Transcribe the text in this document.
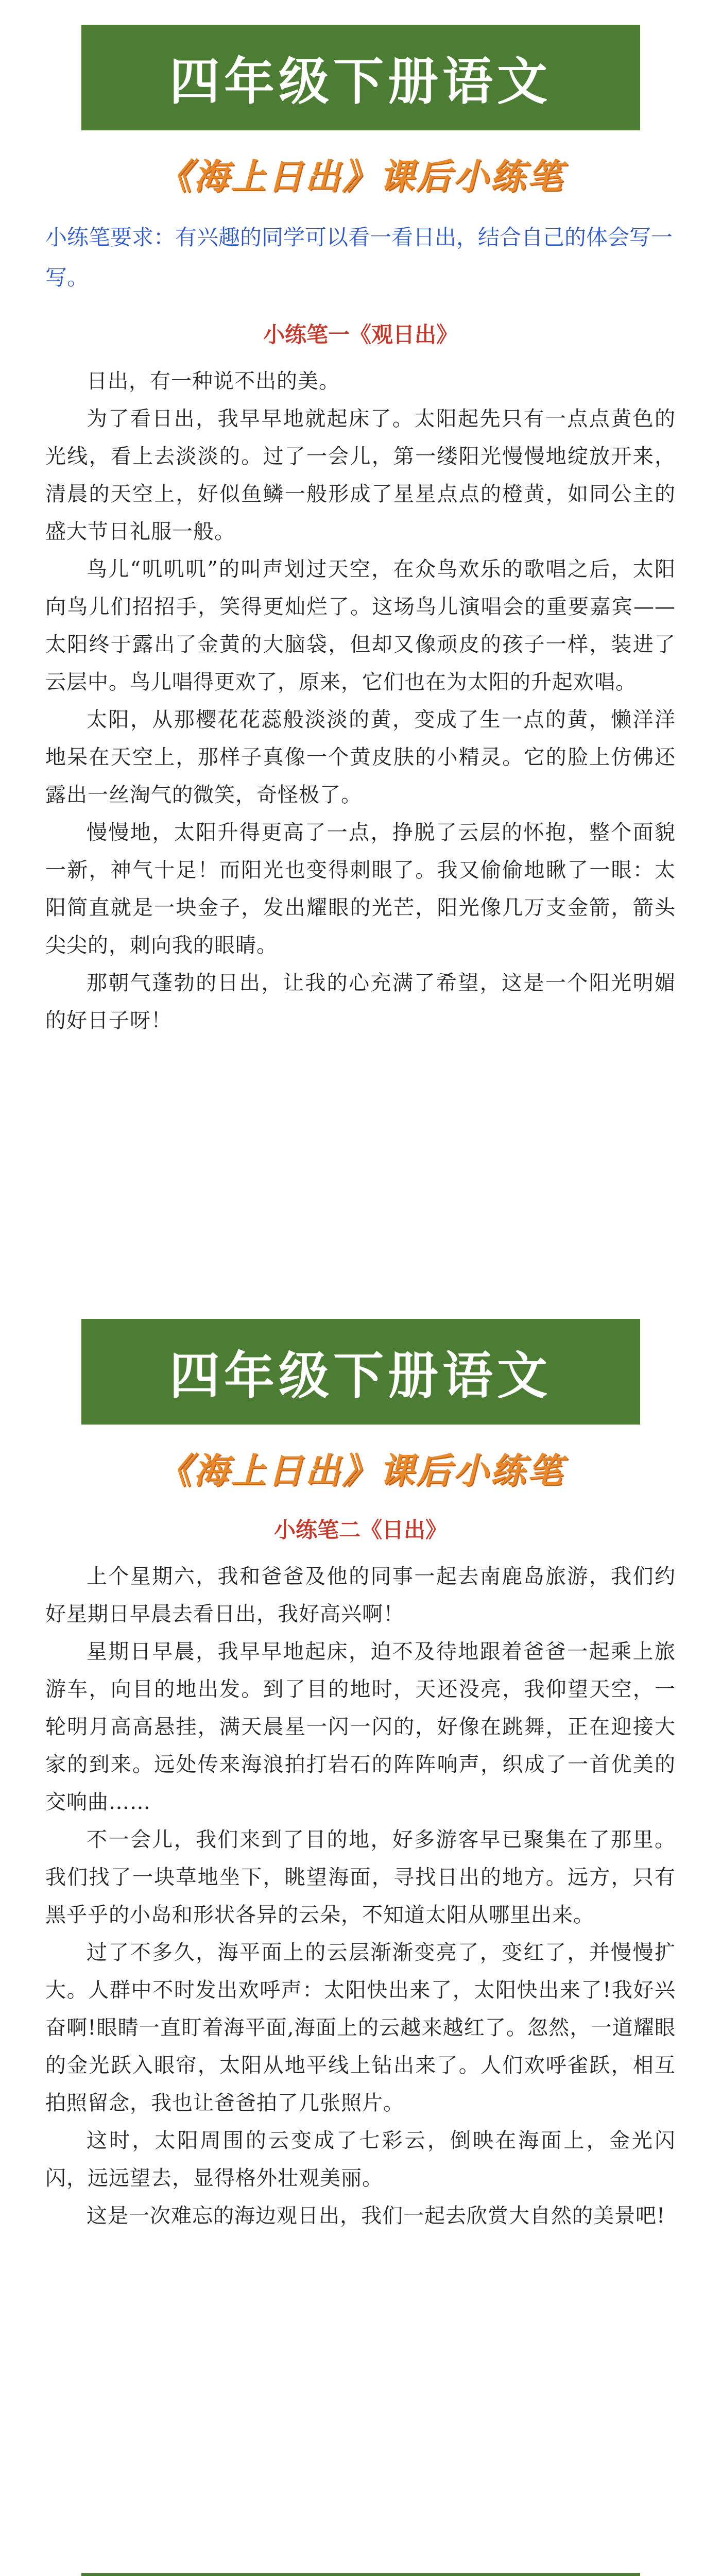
四年级下册语文
《海上日出》课后小练笔
小练笔要求：有兴趣的同学可以看一看日出，结合自己的体会写一写。
小练笔一《观日出》

日出，有一种说不出的美。

为了看日出，我早早地就起床了。太阳起先只有一点点黄色的光线，看上去淡淡的。过了一会儿，第一缕阳光慢慢地绽放开来，清晨的天空上，好似鱼鳞一般形成了星星点点的橙黄，如同公主的盛大节日礼服一般。

鸟儿“叽叽叽”的叫声划过天空，在众鸟欢乐的歌唱之后，太阳向鸟儿们招招手，笑得更灿烂了。这场鸟儿演唱会的重要嘉宾——太阳终于露出了金黄的大脑袋，但却又像顽皮的孩子一样，装进了云层中。鸟儿唱得更欢了，原来，它们也在为太阳的升起欢唱。

太阳，从那樱花花蕊般淡淡的黄，变成了生一点的黄，懒洋洋地呆在天空上，那样子真像一个黄皮肤的小精灵。它的脸上仿佛还露出一丝淘气的微笑，奇怪极了。

慢慢地，太阳升得更高了一点，挣脱了云层的怀抱，整个面貌一新，神气十足！而阳光也变得刺眼了。我又偷偷地瞅了一眼：太阳简直就是一块金子，发出耀眼的光芒，阳光像几万支金箭，箭头尖尖的，刺向我的眼睛。

那朝气蓬勃的日出，让我的心充满了希望，这是一个阳光明媚的好日子呀！

四年级下册语文
《海上日出》课后小练笔
小练笔二《日出》

上个星期六，我和爸爸及他的同事一起去南鹿岛旅游，我们约好星期日早晨去看日出，我好高兴啊！

星期日早晨，我早早地起床，迫不及待地跟着爸爸一起乘上旅游车，向目的地出发。到了目的地时，天还没亮，我仰望天空，一轮明月高高悬挂，满天晨星一闪一闪的，好像在跳舞，正在迎接大家的到来。远处传来海浪拍打岩石的阵阵响声，织成了一首优美的交响曲……

不一会儿，我们来到了目的地，好多游客早已聚集在了那里。我们找了一块草地坐下，眺望海面，寻找日出的地方。远方，只有黑乎乎的小岛和形状各异的云朵，不知道太阳从哪里出来。

过了不多久，海平面上的云层渐渐变亮了，变红了，并慢慢扩大。人群中不时发出欢呼声：太阳快出来了，太阳快出来了!我好兴奋啊!眼睛一直盯着海平面,海面上的云越来越红了。忽然，一道耀眼的金光跃入眼帘，太阳从地平线上钻出来了。人们欢呼雀跃，相互拍照留念，我也让爸爸拍了几张照片。

这时，太阳周围的云变成了七彩云，倒映在海面上，金光闪闪，远远望去，显得格外壮观美丽。

这是一次难忘的海边观日出，我们一起去欣赏大自然的美景吧!
